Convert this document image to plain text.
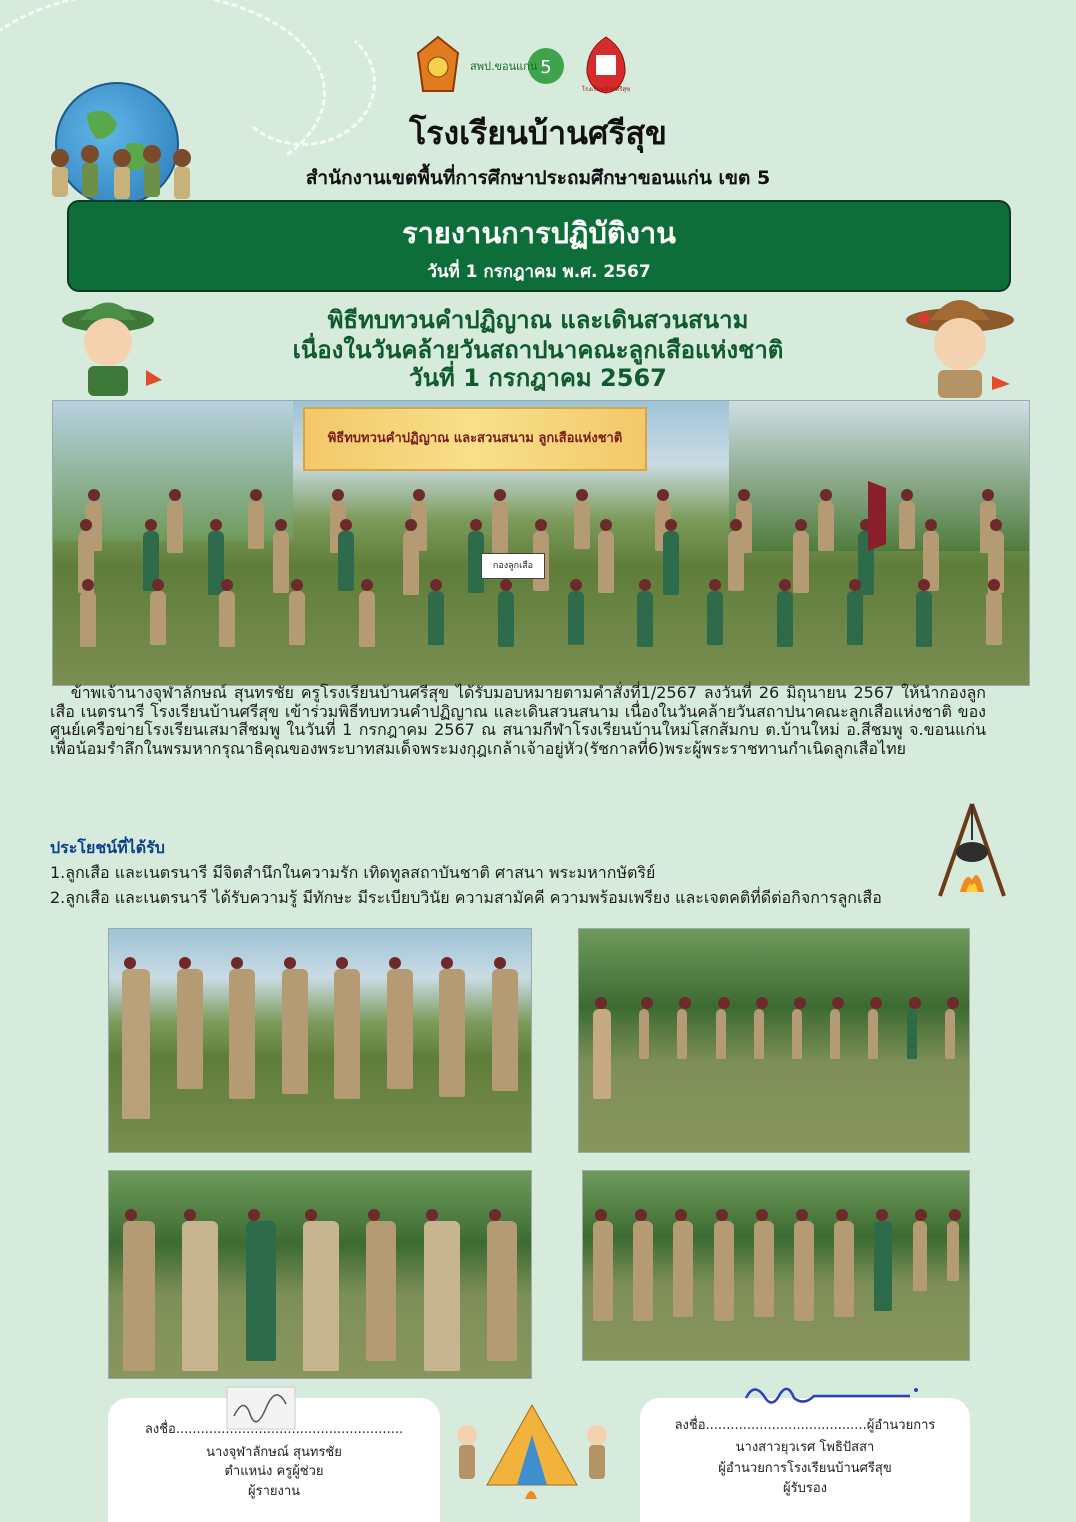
5
สพป.ขอนแก่น
โรงเรียนบ้านศรีสุข
โรงเรียนบ้านศรีสุข
สำนักงานเขตพื้นที่การศึกษาประถมศึกษาขอนแก่น เขต 5
รายงานการปฏิบัติงาน
วันที่ 1 กรกฎาคม พ.ศ. 2567
พิธีทบทวนคำปฏิญาณ และเดินสวนสนาม
เนื่องในวันคล้ายวันสถาปนาคณะลูกเสือแห่งชาติ
วันที่ 1 กรกฎาคม 2567
พิธีทบทวนคำปฏิญาณ และสวนสนาม ลูกเสือแห่งชาติ
กองลูกเสือ
ข้าพเจ้านางจุฬาลักษณ์ สุนทรชัย ครูโรงเรียนบ้านศรีสุข ได้รับมอบหมายตามคำสั่งที่1/2567 ลงวันที่ 26 มิถุนายน 2567 ให้นำกองลูกเสือ เนตรนารี โรงเรียนบ้านศรีสุข เข้าร่วมพิธีทบทวนคำปฏิญาณ และเดินสวนสนาม เนื่องในวันคล้ายวันสถาปนาคณะลูกเสือแห่งชาติ ของศูนย์เครือข่ายโรงเรียนเสมาสีชมพู ในวันที่ 1 กรกฎาคม 2567 ณ สนามกีฬาโรงเรียนบ้านใหม่โสกส้มกบ ต.บ้านใหม่ อ.สีชมพู จ.ขอนแก่น เพื่อน้อมรำลึกในพรมหากรุณาธิคุณของพระบาทสมเด็จพระมงกุฎเกล้าเจ้าอยู่หัว(รัชกาลที่6)พระผู้พระราชทานกำเนิดลูกเสือไทย
ประโยชน์ที่ได้รับ
1.ลูกเสือ และเนตรนารี มีจิตสำนึกในความรัก เทิดทูลสถาบันชาติ ศาสนา พระมหากษัตริย์
2.ลูกเสือ และเนตรนารี ได้รับความรู้ มีทักษะ มีระเบียบวินัย ความสามัคคี ความพร้อมเพรียง และเจตคติที่ดีต่อกิจการลูกเสือ
ลงชื่อ.......................................................
นางจุฬาลักษณ์ สุนทรชัย
ตำแหน่ง ครูผู้ช่วย
ผู้รายงาน
ลงชื่อ.......................................ผู้อำนวยการ
นางสาวยุวเรศ โพธิปัสสา
ผู้อำนวยการโรงเรียนบ้านศรีสุข
ผู้รับรอง
